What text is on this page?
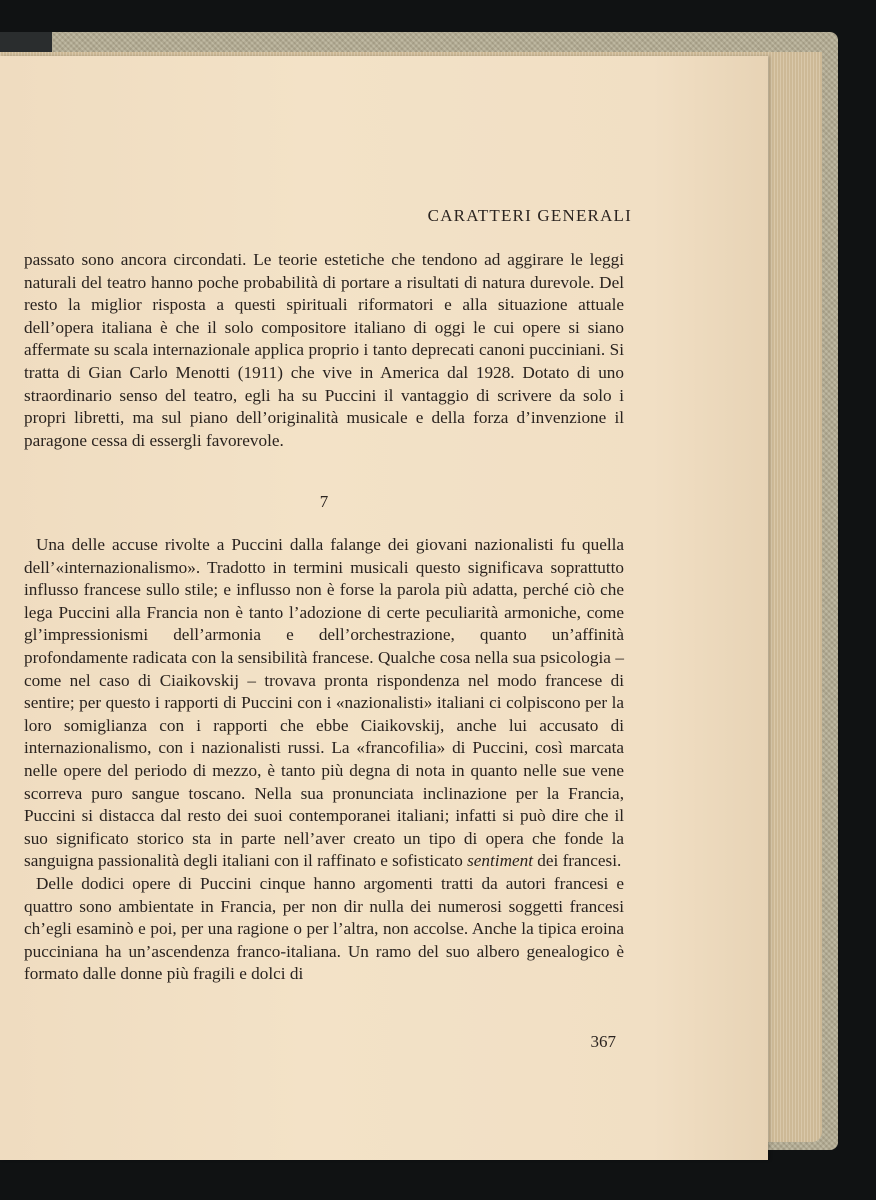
CARATTERI GENERALI

passato sono ancora circondati. Le teorie estetiche che tendono ad aggirare le leggi naturali del teatro hanno poche probabilità di portare a risultati di natura durevole. Del resto la miglior risposta a questi spirituali riformatori e alla situazione attuale dell’opera italiana è che il solo compositore italiano di oggi le cui opere si siano affermate su scala internazionale applica proprio i tanto deprecati canoni pucciniani. Si tratta di Gian Carlo Menotti (1911) che vive in America dal 1928. Dotato di uno straordinario senso del teatro, egli ha su Puccini il vantaggio di scrivere da solo i propri libretti, ma sul piano dell’originalità musicale e della forza d’invenzione il paragone cessa di essergli favorevole.

7

Una delle accuse rivolte a Puccini dalla falange dei giovani nazionalisti fu quella dell’«internazionalismo». Tradotto in termini musicali questo significava soprattutto influsso francese sullo stile; e influsso non è forse la parola più adatta, perché ciò che lega Puccini alla Francia non è tanto l’adozione di certe peculiarità armoniche, come gl’impressionismi dell’armonia e dell’orchestrazione, quanto un’affinità profondamente radicata con la sensibilità francese. Qualche cosa nella sua psicologia – come nel caso di Ciaikovskij – trovava pronta rispondenza nel modo francese di sentire; per questo i rapporti di Puccini con i «nazionalisti» italiani ci colpiscono per la loro somiglianza con i rapporti che ebbe Ciaikovskij, anche lui accusato di internazionalismo, con i nazionalisti russi. La «francofilia» di Puccini, così marcata nelle opere del periodo di mezzo, è tanto più degna di nota in quanto nelle sue vene scorreva puro sangue toscano. Nella sua pronunciata inclinazione per la Francia, Puccini si distacca dal resto dei suoi contemporanei italiani; infatti si può dire che il suo significato storico sta in parte nell’aver creato un tipo di opera che fonde la sanguigna passionalità degli italiani con il raffinato e sofisticato sentiment dei francesi.

Delle dodici opere di Puccini cinque hanno argomenti tratti da autori francesi e quattro sono ambientate in Francia, per non dir nulla dei numerosi soggetti francesi ch’egli esaminò e poi, per una ragione o per l’altra, non accolse. Anche la tipica eroina pucciniana ha un’ascendenza franco-italiana. Un ramo del suo albero genealogico è formato dalle donne più fragili e dolci di

367
